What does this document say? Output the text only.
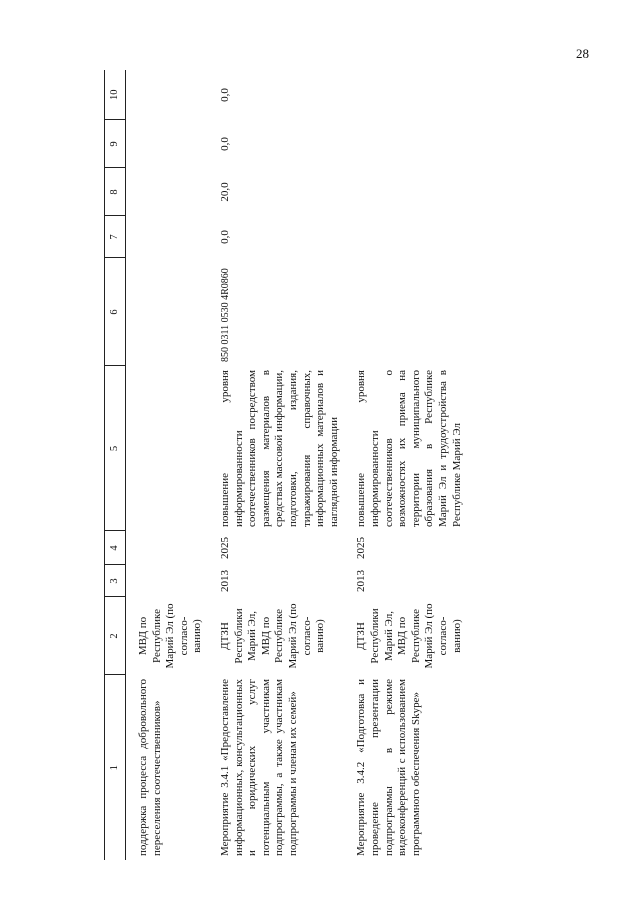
28
1	2	3	4	5	6	7	8	9	10

поддержка процесса добровольного переселения соотечественников»	МВД по Республике Марий Эл (по согласо-ванию)								

Мероприятие 3.4.1 «Предоставление информационных, консультационных и юридических услуг потенциальным участникам подпрограммы, а также участникам подпрограммы и членам их семей»	ДТЗН Республики Марий Эл, МВД по Республике Марий Эл (по согласо-ванию)	2013	2025	повышение уровня информированности соотечественников посредством размещения материалов в средствах массовой информации, подготовки, издания, тиражирования справочных, информационных материалов и наглядной информации	850 0311 0530 4R0860	0,0	20,0	0,0	0,0

Мероприятие 3.4.2 «Подготовка и проведение презентации подпрограммы в режиме видеоконференций с использованием программного обеспечения Skype»	ДТЗН Республики Марий Эл, МВД по Республике Марий Эл (по согласо-ванию)	2013	2025	повышение уровня информированности соотечественников о возможностях их приема на территории муниципального образования в Республике Марий Эл и трудоустройства в Республике Марий Эл					
